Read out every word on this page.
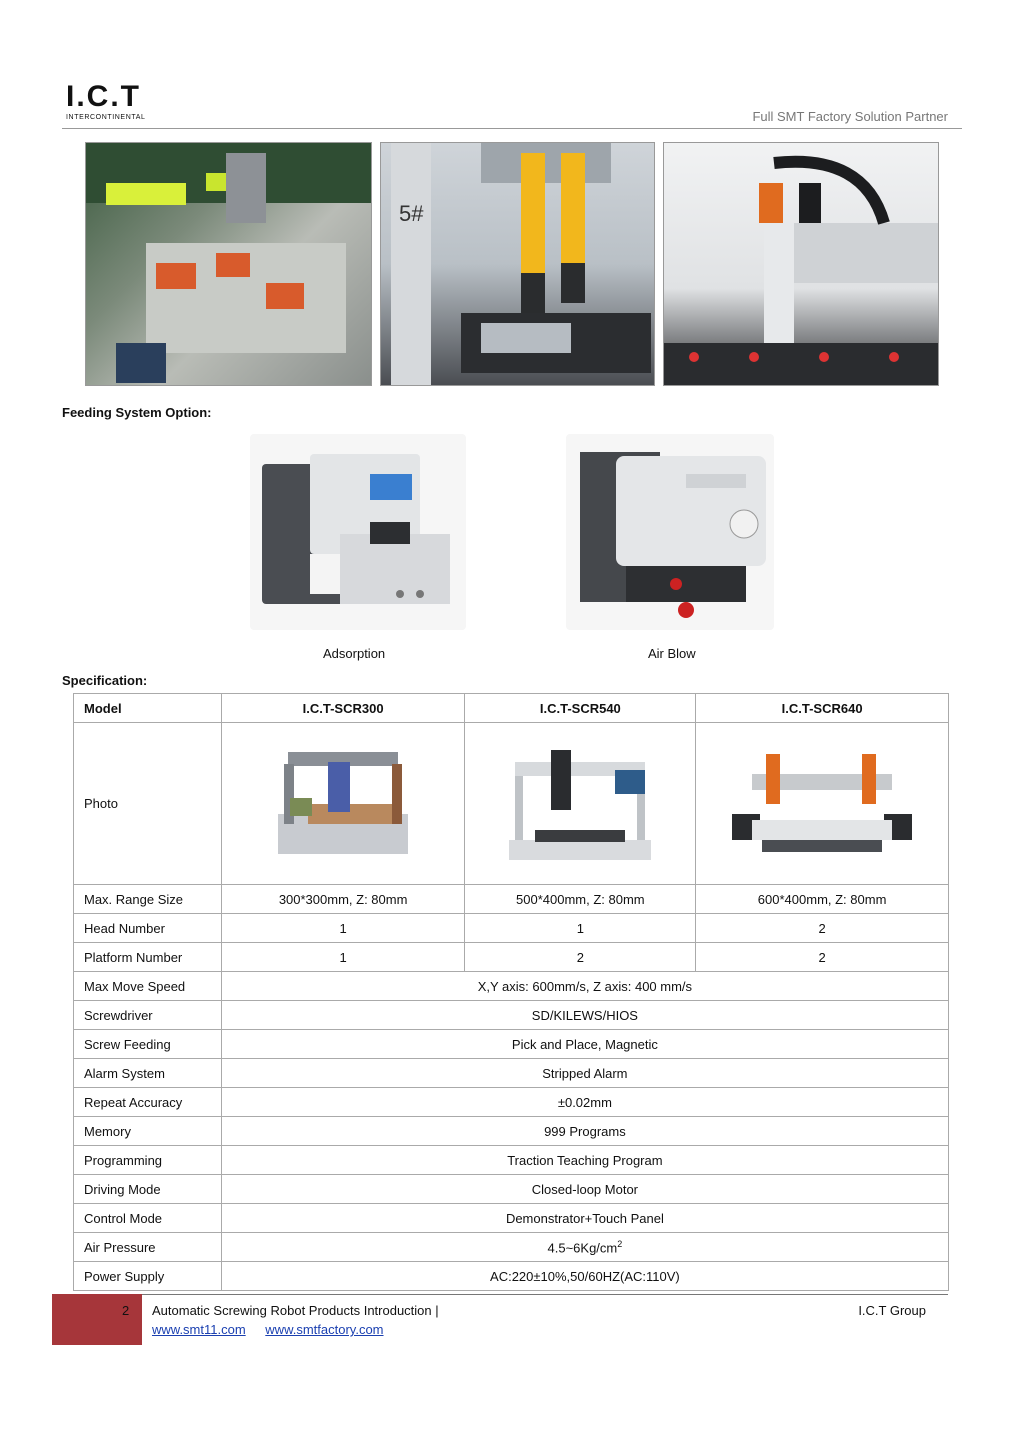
I.C.T
INTERCONTINENTAL	Full SMT Factory Solution Partner
5#
Feeding System Option:
Adsorption	Air Blow
Specification:
Model	I.C.T-SCR300	I.C.T-SCR540	I.C.T-SCR640
Photo	

Max. Range Size	300*300mm, Z: 80mm	500*400mm, Z: 80mm	600*400mm, Z: 80mm
Head Number	1	1	2
Platform Number	1	2	2
Max Move Speed	X,Y axis: 600mm/s, Z axis: 400 mm/s		
Screwdriver	SD/KILEWS/HIOS		
Screw Feeding	Pick and Place, Magnetic		
Alarm System	Stripped Alarm		
Repeat Accuracy	±0.02mm		
Memory	999 Programs		
Programming	Traction Teaching Program		
Driving Mode	Closed-loop Motor		
Control Mode	Demonstrator+Touch Panel		
Air Pressure	$4.5\sim 6Kg/cm^2$
Power Supply	AC:220±10%,50/60HZ(AC:110V)		
2 Automatic Screwing Robot Products Introduction |	I.C.T Group
www.smt11.com www.smtfactory.com
